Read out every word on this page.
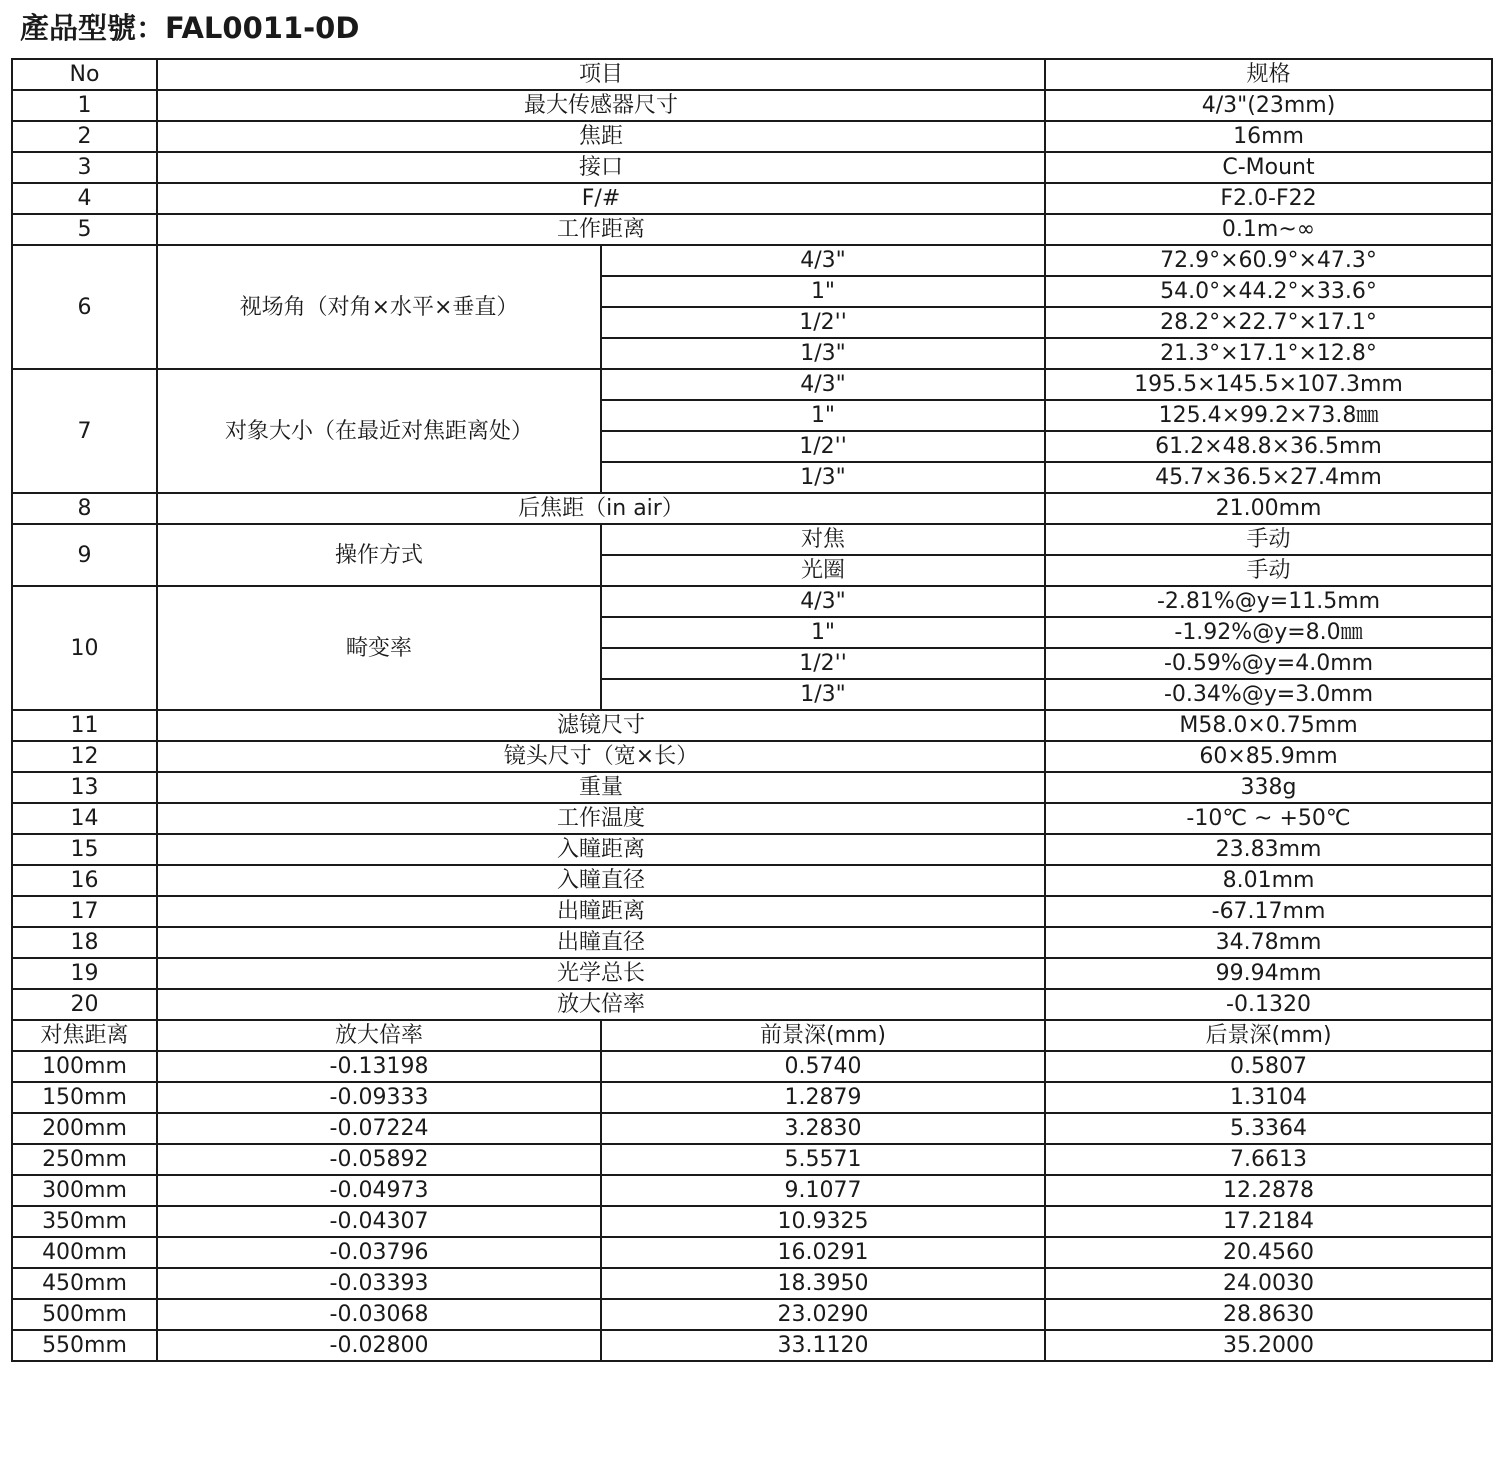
產品型號：FAL0011-0D
No	项目		规格
1	最大传感器尺寸		4/3"(23mm)
2	焦距		16mm
3	接口		C-Mount
4	F/#		F2.0-F22
5	工作距离		0.1m~∞
6	视场角（对角×水平×垂直）	4/3"	72.9°×60.9°×47.3°
		1"	54.0°×44.2°×33.6°
		1/2''	28.2°×22.7°×17.1°
		1/3"	21.3°×17.1°×12.8°
7	对象大小（在最近对焦距离处）	4/3"	195.5×145.5×107.3mm
		1"	125.4×99.2×73.8㎜
		1/2''	61.2×48.8×36.5mm
		1/3"	45.7×36.5×27.4mm
8	后焦距（in air）		21.00mm
9	操作方式	对焦	手动
		光圈	手动
10	畸变率	4/3"	-2.81%@y=11.5mm
		1"	-1.92%@y=8.0㎜
		1/2''	-0.59%@y=4.0mm
		1/3"	-0.34%@y=3.0mm
11	滤镜尺寸		M58.0×0.75mm
12	镜头尺寸（宽×长）		60×85.9mm
13	重量		338g
14	工作温度		-10℃ ~ +50℃
15	入瞳距离		23.83mm
16	入瞳直径		8.01mm
17	出瞳距离		-67.17mm
18	出瞳直径		34.78mm
19	光学总长		99.94mm
20	放大倍率		-0.1320
对焦距离	放大倍率	前景深(mm)	后景深(mm)
100mm	-0.13198	0.5740	0.5807
150mm	-0.09333	1.2879	1.3104
200mm	-0.07224	3.2830	5.3364
250mm	-0.05892	5.5571	7.6613
300mm	-0.04973	9.1077	12.2878
350mm	-0.04307	10.9325	17.2184
400mm	-0.03796	16.0291	20.4560
450mm	-0.03393	18.3950	24.0030
500mm	-0.03068	23.0290	28.8630
550mm	-0.02800	33.1120	35.2000
